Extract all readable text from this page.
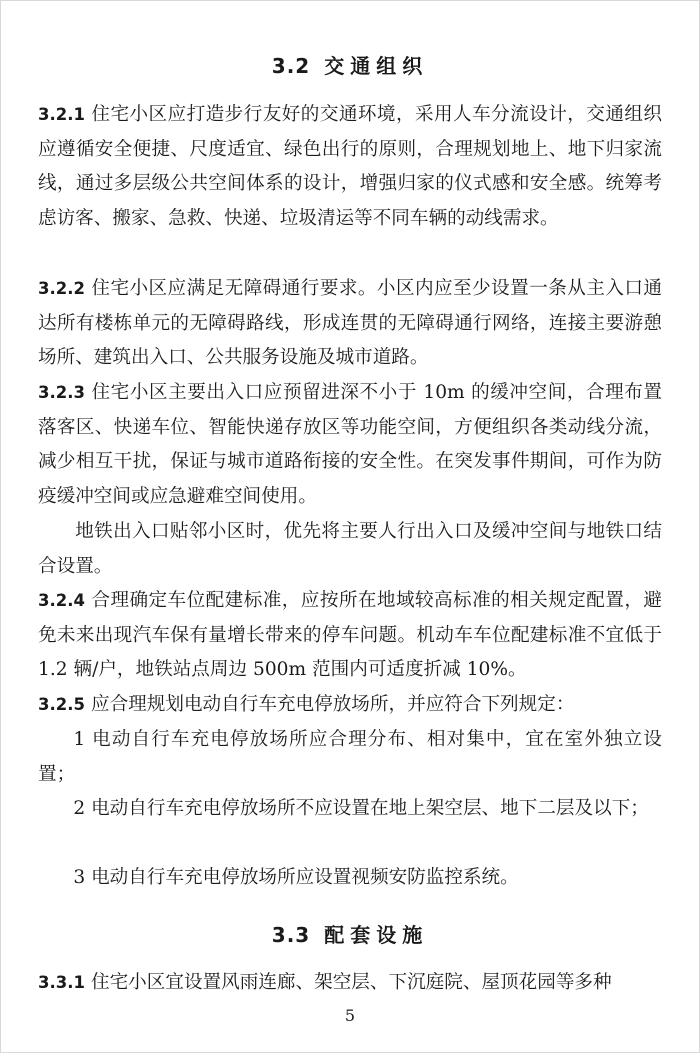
3.2 交通组织
3.2.1 住宅小区应打造步行友好的交通环境，采用人车分流设计，交通组织应遵循安全便捷、尺度适宜、绿色出行的原则，合理规划地上、地下归家流线，通过多层级公共空间体系的设计，增强归家的仪式感和安全感。统筹考虑访客、搬家、急救、快递、垃圾清运等不同车辆的动线需求。
3.2.2 住宅小区应满足无障碍通行要求。小区内应至少设置一条从主入口通达所有楼栋单元的无障碍路线，形成连贯的无障碍通行网络，连接主要游憩场所、建筑出入口、公共服务设施及城市道路。
3.2.3 住宅小区主要出入口应预留进深不小于 10m 的缓冲空间，合理布置落客区、快递车位、智能快递存放区等功能空间，方便组织各类动线分流，减少相互干扰，保证与城市道路衔接的安全性。在突发事件期间，可作为防疫缓冲空间或应急避难空间使用。
地铁出入口贴邻小区时，优先将主要人行出入口及缓冲空间与地铁口结合设置。
3.2.4 合理确定车位配建标准，应按所在地域较高标准的相关规定配置，避免未来出现汽车保有量增长带来的停车问题。机动车车位配建标准不宜低于 1.2 辆/户，地铁站点周边 500m 范围内可适度折减 10%。
3.2.5 应合理规划电动自行车充电停放场所，并应符合下列规定：
1 电动自行车充电停放场所应合理分布、相对集中，宜在室外独立设置；
2 电动自行车充电停放场所不应设置在地上架空层、地下二层及以下；
3 电动自行车充电停放场所应设置视频安防监控系统。
3.3 配套设施
3.3.1 住宅小区宜设置风雨连廊、架空层、下沉庭院、屋顶花园等多种
5
